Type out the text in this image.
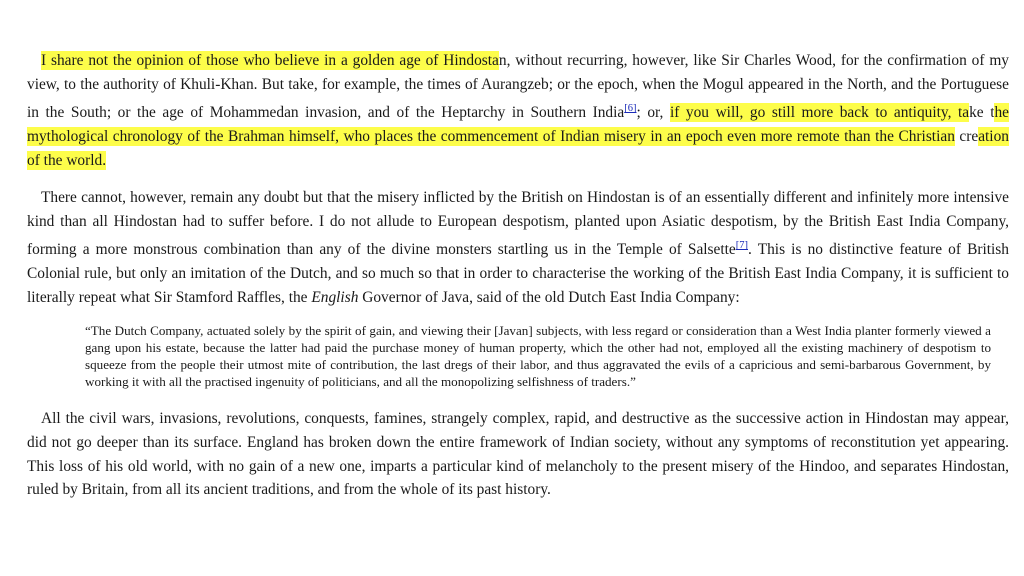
I share not the opinion of those who believe in a golden age of Hindostan, without recurring, however, like Sir Charles Wood, for the confirmation of my view, to the authority of Khuli-Khan. But take, for example, the times of Aurangzeb; or the epoch, when the Mogul appeared in the North, and the Portuguese in the South; or the age of Mohammedan invasion, and of the Heptarchy in Southern India[6]; or, if you will, go still more back to antiquity, take the mythological chronology of the Brahman himself, who places the commencement of Indian misery in an epoch even more remote than the Christian creation of the world.

There cannot, however, remain any doubt but that the misery inflicted by the British on Hindostan is of an essentially different and infinitely more intensive kind than all Hindostan had to suffer before. I do not allude to European despotism, planted upon Asiatic despotism, by the British East India Company, forming a more monstrous combination than any of the divine monsters startling us in the Temple of Salsette[7]. This is no distinctive feature of British Colonial rule, but only an imitation of the Dutch, and so much so that in order to characterise the working of the British East India Company, it is sufficient to literally repeat what Sir Stamford Raffles, the English Governor of Java, said of the old Dutch East India Company:

“The Dutch Company, actuated solely by the spirit of gain, and viewing their [Javan] subjects, with less regard or consideration than a West India planter formerly viewed a gang upon his estate, because the latter had paid the purchase money of human property, which the other had not, employed all the existing machinery of despotism to squeeze from the people their utmost mite of contribution, the last dregs of their labor, and thus aggravated the evils of a capricious and semi-barbarous Government, by working it with all the practised ingenuity of politicians, and all the monopolizing selfishness of traders.”

All the civil wars, invasions, revolutions, conquests, famines, strangely complex, rapid, and destructive as the successive action in Hindostan may appear, did not go deeper than its surface. England has broken down the entire framework of Indian society, without any symptoms of reconstitution yet appearing. This loss of his old world, with no gain of a new one, imparts a particular kind of melancholy to the present misery of the Hindoo, and separates Hindostan, ruled by Britain, from all its ancient traditions, and from the whole of its past history.
